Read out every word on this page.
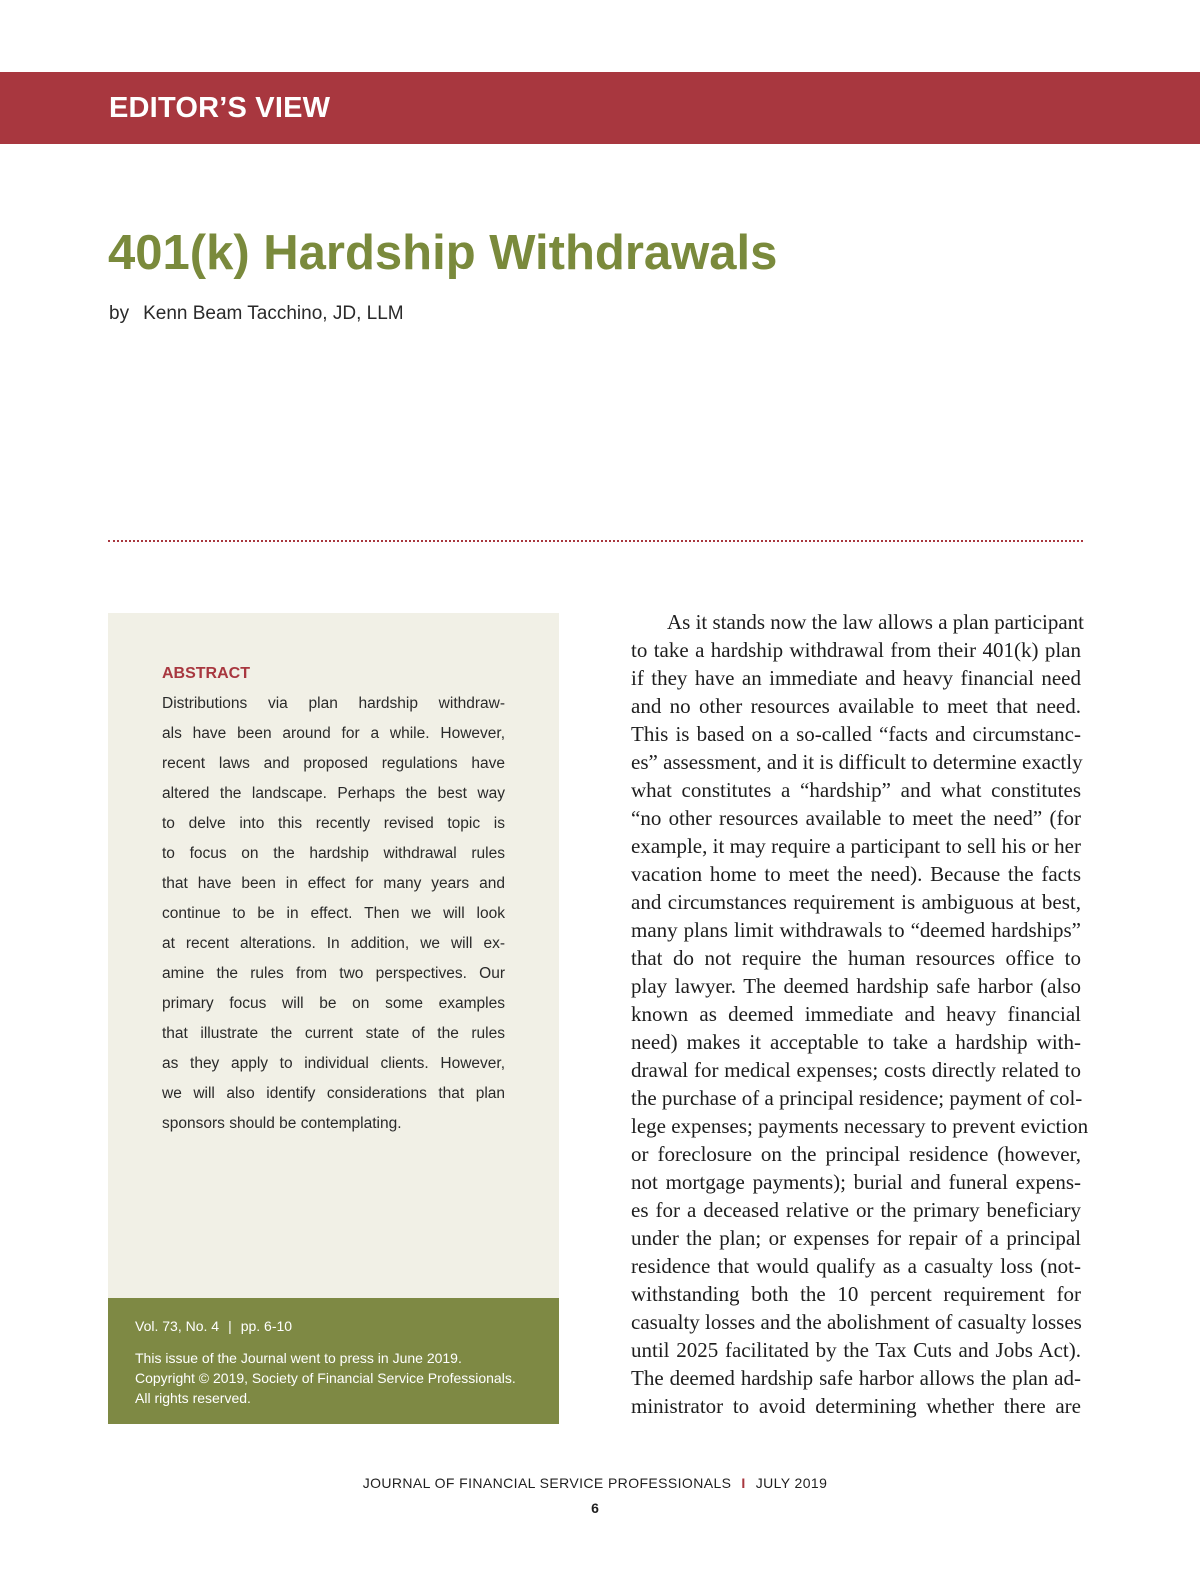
EDITOR’S VIEW
401(k) Hardship Withdrawals
by Kenn Beam Tacchino, JD, LLM
ABSTRACT
Distributions via plan hardship withdraw-
als have been around for a while. However,
recent laws and proposed regulations have
altered the landscape. Perhaps the best way
to delve into this recently revised topic is
to focus on the hardship withdrawal rules
that have been in effect for many years and
continue to be in effect. Then we will look
at recent alterations. In addition, we will ex-
amine the rules from two perspectives. Our
primary focus will be on some examples
that illustrate the current state of the rules
as they apply to individual clients. However,
we will also identify considerations that plan
sponsors should be contemplating.
Vol. 73, No. 4 | pp. 6-10
This issue of the Journal went to press in June 2019.
Copyright © 2019, Society of Financial Service Professionals.
All rights reserved.
As it stands now the law allows a plan participant
to take a hardship withdrawal from their 401(k) plan
if they have an immediate and heavy financial need
and no other resources available to meet that need.
This is based on a so-called “facts and circumstanc-
es” assessment, and it is difficult to determine exactly
what constitutes a “hardship” and what constitutes
“no other resources available to meet the need” (for
example, it may require a participant to sell his or her
vacation home to meet the need). Because the facts
and circumstances requirement is ambiguous at best,
many plans limit withdrawals to “deemed hardships”
that do not require the human resources office to
play lawyer. The deemed hardship safe harbor (also
known as deemed immediate and heavy financial
need) makes it acceptable to take a hardship with-
drawal for medical expenses; costs directly related to
the purchase of a principal residence; payment of col-
lege expenses; payments necessary to prevent eviction
or foreclosure on the principal residence (however,
not mortgage payments); burial and funeral expens-
es for a deceased relative or the primary beneficiary
under the plan; or expenses for repair of a principal
residence that would qualify as a casualty loss (not-
withstanding both the 10 percent requirement for
casualty losses and the abolishment of casualty losses
until 2025 facilitated by the Tax Cuts and Jobs Act).
The deemed hardship safe harbor allows the plan ad-
ministrator to avoid determining whether there are
JOURNAL OF FINANCIAL SERVICE PROFESSIONALS I JULY 2019
6
